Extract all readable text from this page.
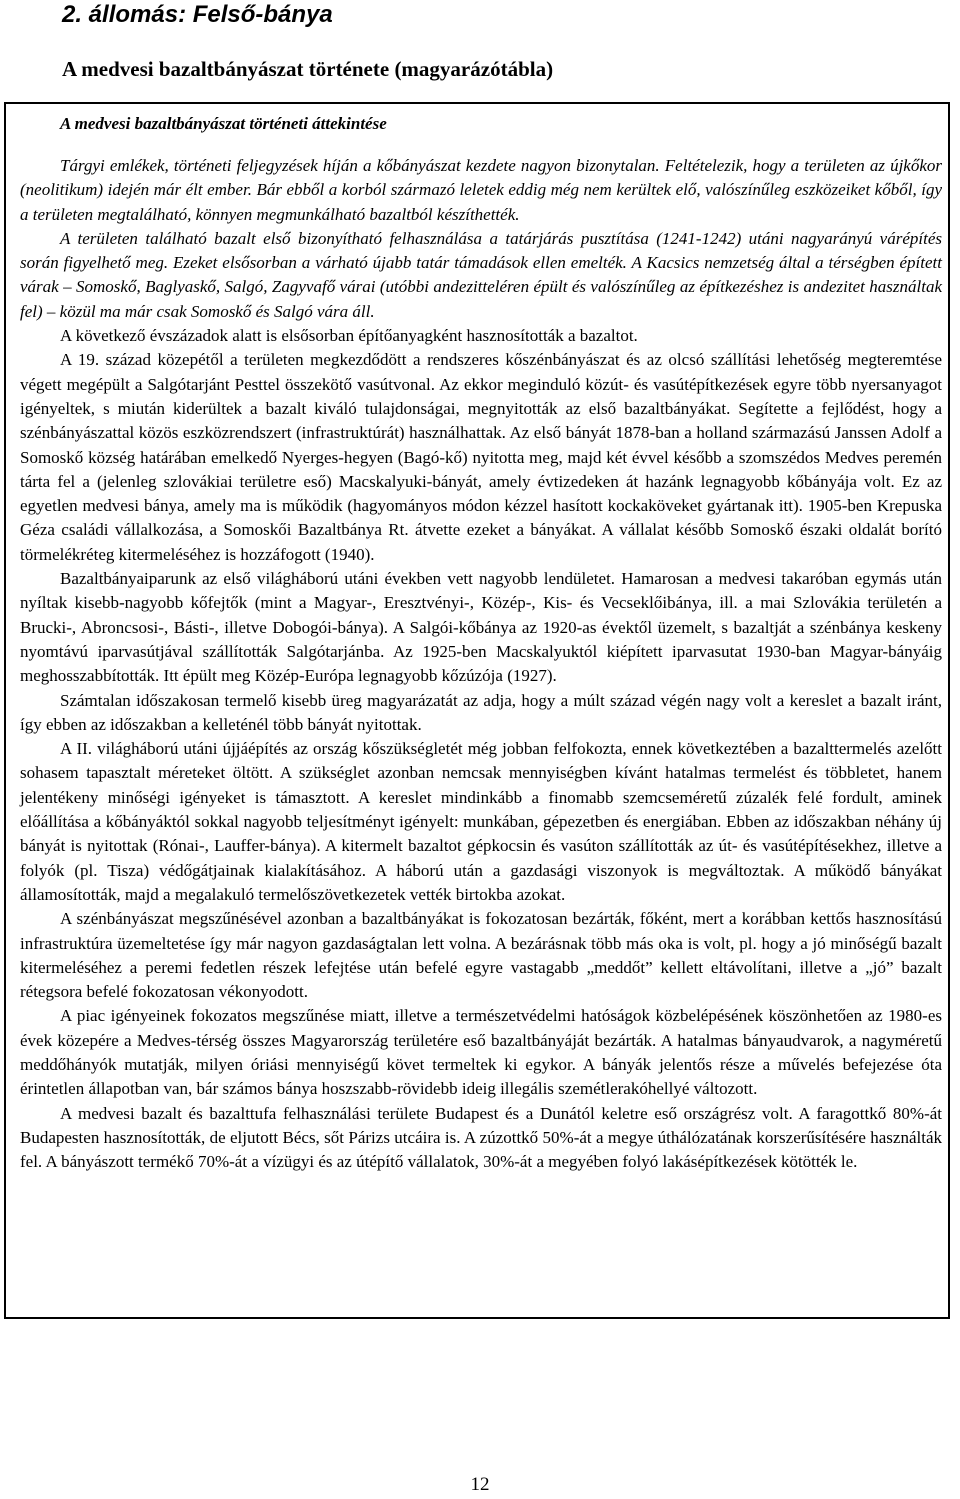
2. állomás: Felső-bánya
A medvesi bazaltbányászat története (magyarázótábla)
A medvesi bazaltbányászat történeti áttekintése

Tárgyi emlékek, történeti feljegyzések híján a kőbányászat kezdete nagyon bizonytalan. Feltételezik, hogy a területen az újkőkor (neolitikum) idején már élt ember. Bár ebből a korból származó leletek eddig még nem kerültek elő, valószínűleg eszközeiket kőből, így a területen megtalálható, könnyen megmunkálható bazaltból készíthették.

A területen található bazalt első bizonyítható felhasználása a tatárjárás pusztítása (1241-1242) utáni nagyarányú várépítés során figyelhető meg. Ezeket elsősorban a várható újabb tatár támadások ellen emelték. A Kacsics nemzetség által a térségben épített várak – Somoskő, Baglyaskő, Salgó, Zagyvafő várai (utóbbi andezitteléren épült és valószínűleg az építkezéshez is andezitet használtak fel) – közül ma már csak Somoskő és Salgó vára áll.

A következő évszázadok alatt is elsősorban építőanyagként hasznosították a bazaltot.

A 19. század közepétől a területen megkezdődött a rendszeres kőszénbányászat és az olcsó szállítási lehetőség megteremtése végett megépült a Salgótarjánt Pesttel összekötő vasútvonal. Az ekkor meginduló közút- és vasútépítkezések egyre több nyersanyagot igényeltek, s miután kiderültek a bazalt kiváló tulajdonságai, megnyitották az első bazaltbányákat. Segítette a fejlődést, hogy a szénbányászattal közös eszközrendszert (infrastruktúrát) használhattak. Az első bányát 1878-ban a holland származású Janssen Adolf a Somoskő község határában emelkedő Nyerges-hegyen (Bagó-kő) nyitotta meg, majd két évvel később a szomszédos Medves peremén tárta fel a (jelenleg szlovákiai területre eső) Macskalyuki-bányát, amely évtizedeken át hazánk legnagyobb kőbányája volt. Ez az egyetlen medvesi bánya, amely ma is működik (hagyományos módon kézzel hasított kockaköveket gyártanak itt). 1905-ben Krepuska Géza családi vállalkozása, a Somoskői Bazaltbánya Rt. átvette ezeket a bányákat. A vállalat később Somoskő északi oldalát borító törmelékréteg kitermeléséhez is hozzáfogott (1940).

Bazaltbányaiparunk az első világháború utáni években vett nagyobb lendületet. Hamarosan a medvesi takaróban egymás után nyíltak kisebb-nagyobb kőfejtők (mint a Magyar-, Eresztvényi-, Közép-, Kis- és Vecseklőibánya, ill. a mai Szlovákia területén a Brucki-, Abroncsosi-, Básti-, illetve Dobogói-bánya). A Salgói-kőbánya az 1920-as évektől üzemelt, s bazaltját a szénbánya keskeny nyomtávú iparvasútjával szállították Salgótarjánba. Az 1925-ben Macskalyuktól kiépített iparvasutat 1930-ban Magyar-bányáig meghosszabbították. Itt épült meg Közép-Európa legnagyobb kőzúzója (1927).

Számtalan időszakosan termelő kisebb üreg magyarázatát az adja, hogy a múlt század végén nagy volt a kereslet a bazalt iránt, így ebben az időszakban a kelleténél több bányát nyitottak.

A II. világháború utáni újjáépítés az ország kőszükségletét még jobban felfokozta, ennek következtében a bazalttermelés azelőtt sohasem tapasztalt méreteket öltött. A szükséglet azonban nemcsak mennyiségben kívánt hatalmas termelést és többletet, hanem jelentékeny minőségi igényeket is támasztott. A kereslet mindinkább a finomabb szemcseméretű zúzalék felé fordult, aminek előállítása a kőbányáktól sokkal nagyobb teljesítményt igényelt: munkában, gépezetben és energiában. Ebben az időszakban néhány új bányát is nyitottak (Rónai-, Lauffer-bánya). A kitermelt bazaltot gépkocsin és vasúton szállították az út- és vasútépítésekhez, illetve a folyók (pl. Tisza) védőgátjainak kialakításához. A háború után a gazdasági viszonyok is megváltoztak. A működő bányákat államosították, majd a megalakuló termelőszövetkezetek vették birtokba azokat.

A szénbányászat megszűnésével azonban a bazaltbányákat is fokozatosan bezárták, főként, mert a korábban kettős hasznosítású infrastruktúra üzemeltetése így már nagyon gazdaságtalan lett volna. A bezárásnak több más oka is volt, pl. hogy a jó minőségű bazalt kitermeléséhez a peremi fedetlen részek lefejtése után befelé egyre vastagabb „meddőt” kellett eltávolítani, illetve a „jó” bazalt rétegsora befelé fokozatosan vékonyodott.

A piac igényeinek fokozatos megszűnése miatt, illetve a természetvédelmi hatóságok közbelépésének köszönhetően az 1980-es évek közepére a Medves-térség összes Magyarország területére eső bazaltbányáját bezárták. A hatalmas bányaudvarok, a nagyméretű meddőhányók mutatják, milyen óriási mennyiségű követ termeltek ki egykor. A bányák jelentős része a művelés befejezése óta érintetlen állapotban van, bár számos bánya hoszszabb-rövidebb ideig illegális szemétlerakóhellyé változott.

A medvesi bazalt és bazalttufa felhasználási területe Budapest és a Dunától keletre eső országrész volt. A faragottkő 80%-át Budapesten hasznosították, de eljutott Bécs, sőt Párizs utcáira is. A zúzottkő 50%-át a megye úthálózatának korszerűsítésére használták fel. A bányászott termékő 70%-át a vízügyi és az útépítő vállalatok, 30%-át a megyében folyó lakásépítkezések kötötték le.

12
